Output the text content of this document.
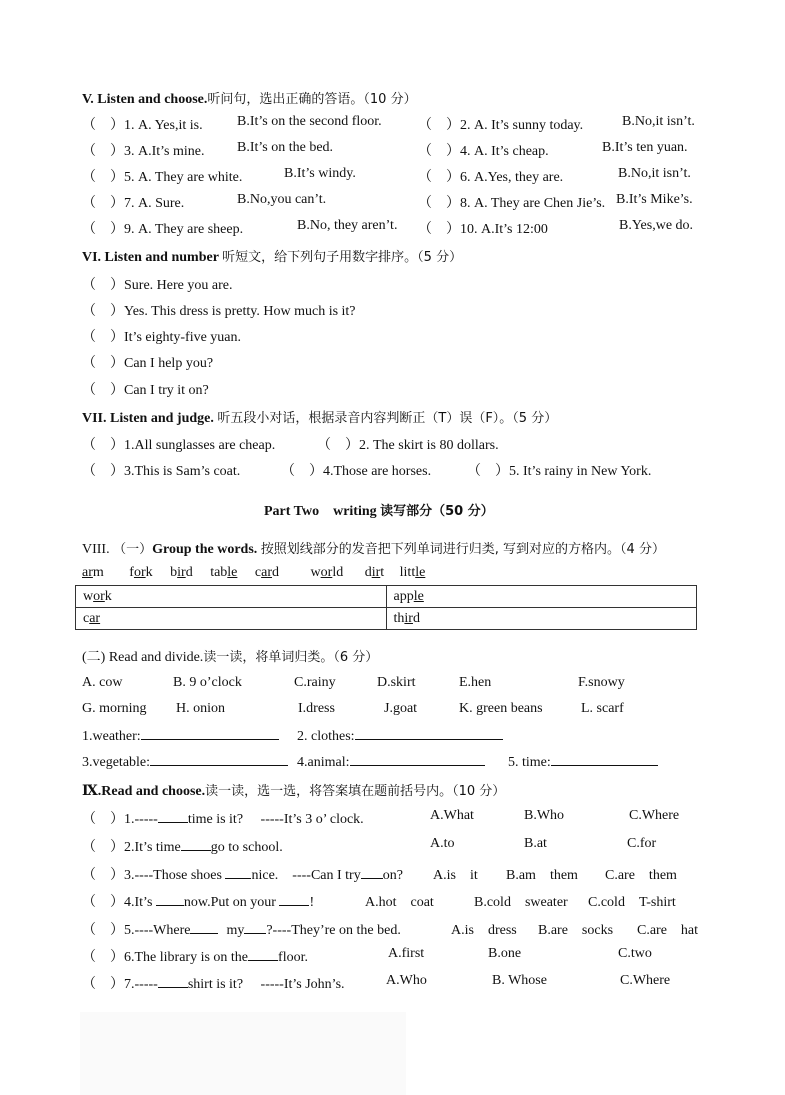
V. Listen and choose.听问句，选出正确的答语。（10 分）
（　）1. A. Yes,it is. B.It’s on the second floor.	（　）2. A. It’s sunny today.	B.No,it isn’t.
（　）3. A.It’s mine. B.It’s on the bed.	（　）4. A. It’s cheap.	B.It’s ten yuan.
（　）5. A. They are white.	B.It’s windy.	（　）6. A.Yes, they are.	B.No,it isn’t.
（　）7. A. Sure.	B.No,you can’t.	（　）8. A. They are Chen Jie’s. B.It’s Mike’s.
（　）9. A. They are sheep.	B.No, they aren’t. （　）10. A.It’s 12:00	B.Yes,we do.
VI. Listen and number 听短文，给下列句子用数字排序。（5 分）
（　）Sure. Here you are.
（　）Yes. This dress is pretty. How much is it?
（　）It’s eighty-five yuan.
（　）Can I help you?
（　）Can I try it on?
VII. Listen and judge. 听五段小对话，根据录音内容判断正（T）误（F）。（5 分）
（　）1.All sunglasses are cheap.	（　）2. The skirt is 80 dollars.
（　）3.This is Sam’s coat.	（　）4.Those are horses.	（　）5. It’s rainy in New York.
Part Two　writing 读写部分（50 分）
VIII. （一）Group the words. 按照划线部分的发音把下列单词进行归类, 写到对应的方格内。（4 分）
arm fork bird table card world dirt little
work	apple
car	third
(二) Read and divide.读一读，将单词归类。（6 分）
A. cow	B. 9 o’clock	C.rainy	D.skirt	E.hen	F.snowy
G. morning H. onion	I.dress	J.goat	K. green beans	L. scarf
1.weather:	2. clothes:
3.vegetable:	4.animal:	5. time:
Ⅸ.Read and choose.读一读，选一选，将答案填在题前括号内。（10 分）
（　）1.----- time is it?　 -----It’s 3 o’ clock.	A.What	B.Who	C.Where
（　）2.It’s time go to school.	A.to	B.at	C.for
（　）3.----Those shoes nice.　----Can I try on? A.is　it B.am　them C.are　them
（　）4.It’s now.Put on your !	A.hot　coat	B.cold　sweater C.cold　T-shirt
（　）5.----Where	my ?----They’re on the bed.	A.is　dress B.are　socks C.are　hat
（　）6.The library is on the floor.	A.first	B.one	C.two
（　）7.----- shirt is it?　 -----It’s John’s.	A.Who	B. Whose	C.Where
